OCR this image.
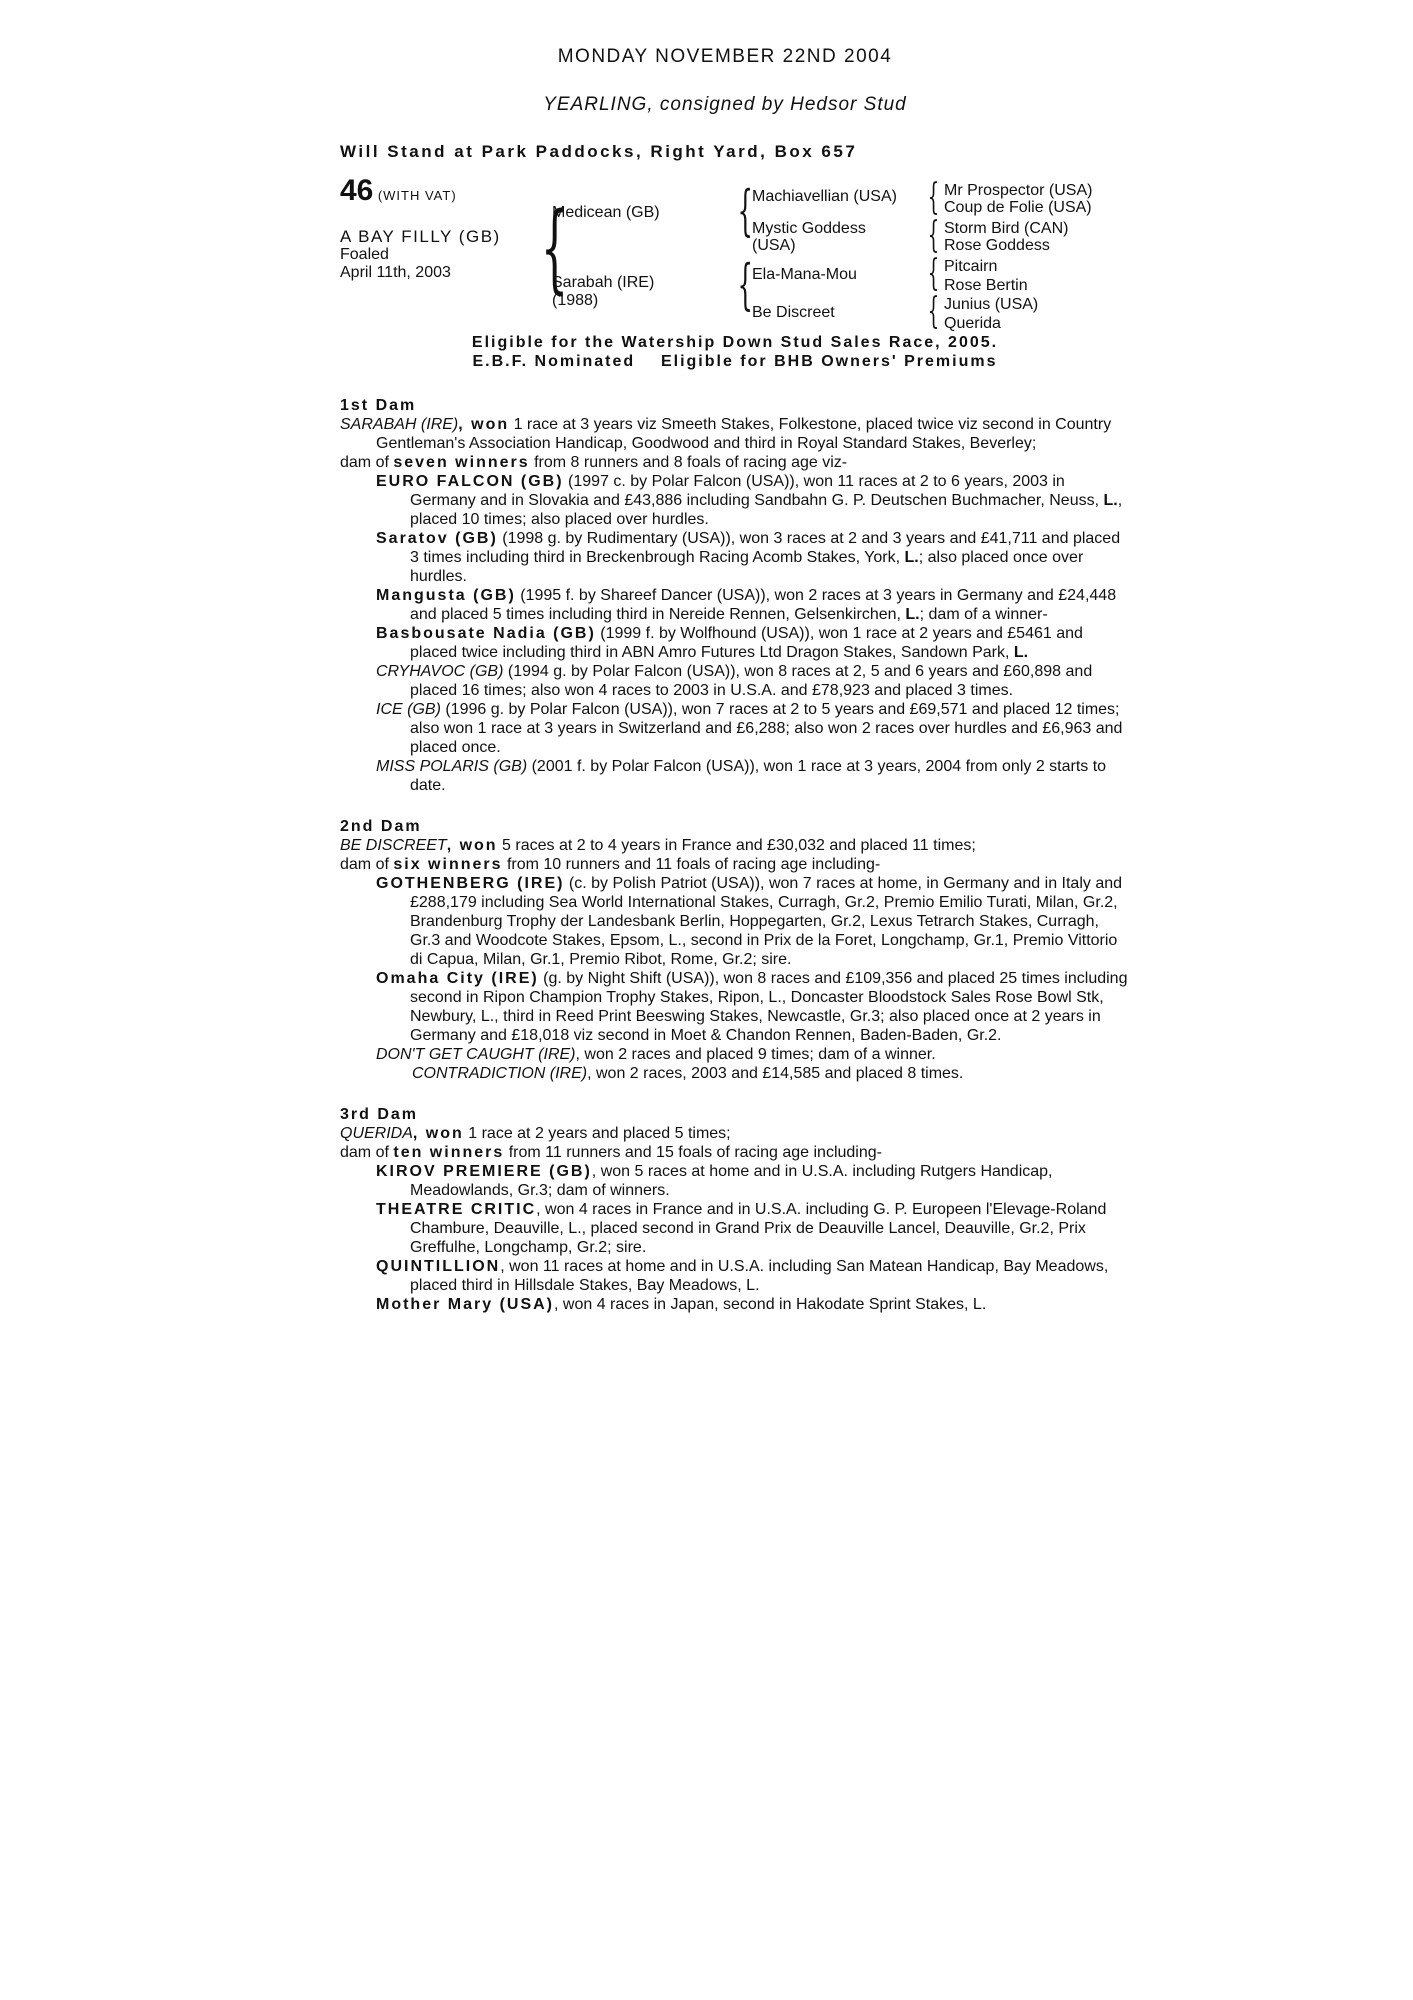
MONDAY NOVEMBER 22ND 2004
YEARLING, consigned by Hedsor Stud
Will Stand at Park Paddocks, Right Yard, Box 657
46 (WITH VAT)
A BAY FILLY (GB)
Foaled
April 11th, 2003 {
Medicean (GB)
Sarabah (IRE)
(1988)
{
{
Machiavellian (USA)
Mystic Goddess
(USA)
Ela-Mana-Mou
Be Discreet
{
{
{
{
Mr Prospector (USA)
Coup de Folie (USA)
Storm Bird (CAN)
Rose Goddess
Pitcairn
Rose Bertin
Junius (USA)
Querida
Eligible for the Watership Down Stud Sales Race, 2005.
E.B.F. Nominated    Eligible for BHB Owners' Premiums
1st Dam

SARABAH (IRE), won 1 race at 3 years viz Smeeth Stakes, Folkestone, placed twice viz second in Country Gentleman's Association Handicap, Goodwood and third in Royal Standard Stakes, Beverley;

dam of seven winners from 8 runners and 8 foals of racing age viz-

EURO FALCON (GB) (1997 c. by Polar Falcon (USA)), won 11 races at 2 to 6 years, 2003 in Germany and in Slovakia and £43,886 including Sandbahn G. P. Deutschen Buchmacher, Neuss, L., placed 10 times; also placed over hurdles.

Saratov (GB) (1998 g. by Rudimentary (USA)), won 3 races at 2 and 3 years and £41,711 and placed 3 times including third in Breckenbrough Racing Acomb Stakes, York, L.; also placed once over hurdles.

Mangusta (GB) (1995 f. by Shareef Dancer (USA)), won 2 races at 3 years in Germany and £24,448 and placed 5 times including third in Nereide Rennen, Gelsenkirchen, L.; dam of a winner-

Basbousate Nadia (GB) (1999 f. by Wolfhound (USA)), won 1 race at 2 years and £5461 and placed twice including third in ABN Amro Futures Ltd Dragon Stakes, Sandown Park, L.

CRYHAVOC (GB) (1994 g. by Polar Falcon (USA)), won 8 races at 2, 5 and 6 years and £60,898 and placed 16 times; also won 4 races to 2003 in U.S.A. and £78,923 and placed 3 times.

ICE (GB) (1996 g. by Polar Falcon (USA)), won 7 races at 2 to 5 years and £69,571 and placed 12 times; also won 1 race at 3 years in Switzerland and £6,288; also won 2 races over hurdles and £6,963 and placed once.

MISS POLARIS (GB) (2001 f. by Polar Falcon (USA)), won 1 race at 3 years, 2004 from only 2 starts to date.

2nd Dam

BE DISCREET, won 5 races at 2 to 4 years in France and £30,032 and placed 11 times;

dam of six winners from 10 runners and 11 foals of racing age including-

GOTHENBERG (IRE) (c. by Polish Patriot (USA)), won 7 races at home, in Germany and in Italy and £288,179 including Sea World International Stakes, Curragh, Gr.2, Premio Emilio Turati, Milan, Gr.2, Brandenburg Trophy der Landesbank Berlin, Hoppegarten, Gr.2, Lexus Tetrarch Stakes, Curragh, Gr.3 and Woodcote Stakes, Epsom, L., second in Prix de la Foret, Longchamp, Gr.1, Premio Vittorio di Capua, Milan, Gr.1, Premio Ribot, Rome, Gr.2; sire.

Omaha City (IRE) (g. by Night Shift (USA)), won 8 races and £109,356 and placed 25 times including second in Ripon Champion Trophy Stakes, Ripon, L., Doncaster Bloodstock Sales Rose Bowl Stk, Newbury, L., third in Reed Print Beeswing Stakes, Newcastle, Gr.3; also placed once at 2 years in Germany and £18,018 viz second in Moet & Chandon Rennen, Baden-Baden, Gr.2.

DON'T GET CAUGHT (IRE), won 2 races and placed 9 times; dam of a winner.

CONTRADICTION (IRE), won 2 races, 2003 and £14,585 and placed 8 times.

3rd Dam

QUERIDA, won 1 race at 2 years and placed 5 times;

dam of ten winners from 11 runners and 15 foals of racing age including-

KIROV PREMIERE (GB), won 5 races at home and in U.S.A. including Rutgers Handicap, Meadowlands, Gr.3; dam of winners.

THEATRE CRITIC, won 4 races in France and in U.S.A. including G. P. Europeen l'Elevage-Roland Chambure, Deauville, L., placed second in Grand Prix de Deauville Lancel, Deauville, Gr.2, Prix Greffulhe, Longchamp, Gr.2; sire.

QUINTILLION, won 11 races at home and in U.S.A. including San Matean Handicap, Bay Meadows, placed third in Hillsdale Stakes, Bay Meadows, L.

Mother Mary (USA), won 4 races in Japan, second in Hakodate Sprint Stakes, L.
